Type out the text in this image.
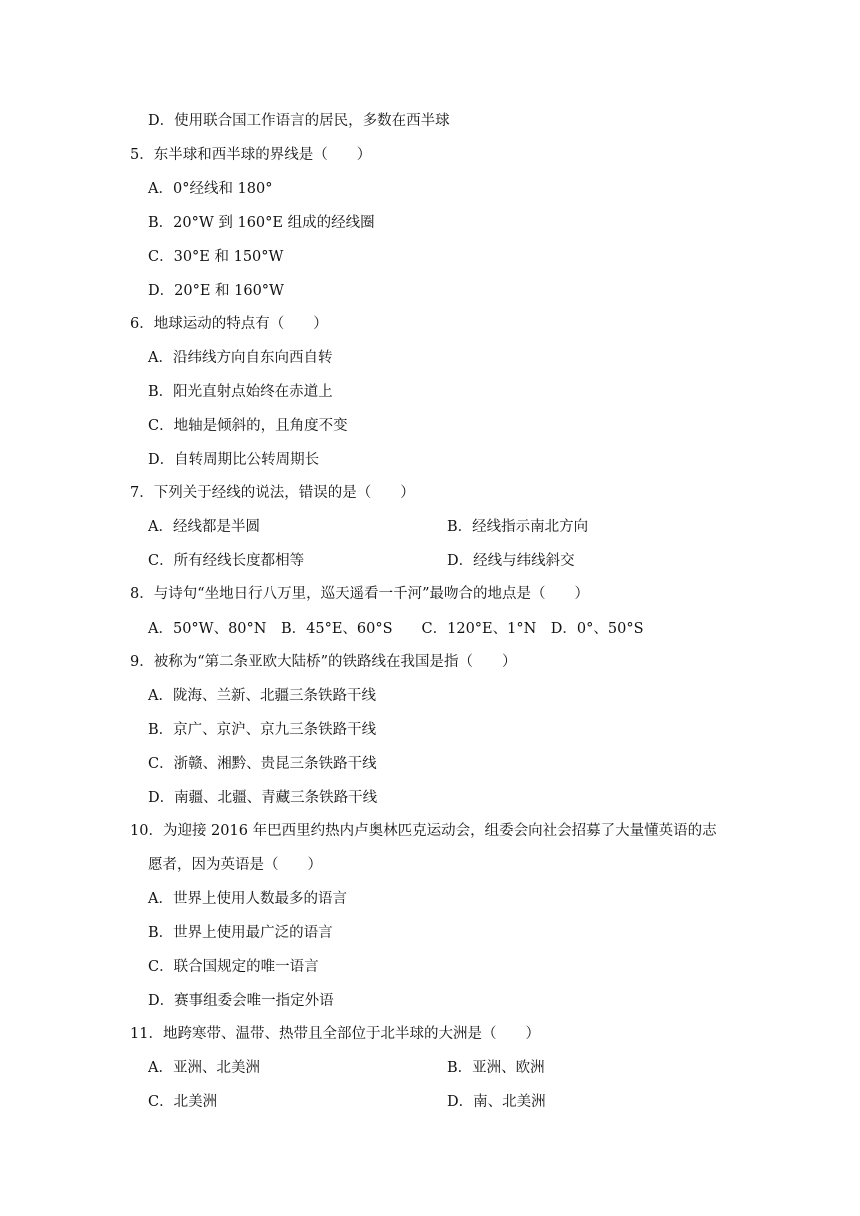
D．使用联合国工作语言的居民，多数在西半球
5．东半球和西半球的界线是（　　）
A．0°经线和 180°
B．20°W 到 160°E 组成的经线圈
C．30°E 和 150°W
D．20°E 和 160°W
6．地球运动的特点有（　　）
A．沿纬线方向自东向西自转
B．阳光直射点始终在赤道上
C．地轴是倾斜的，且角度不变
D．自转周期比公转周期长
7．下列关于经线的说法，错误的是（　　）
A．经线都是半圆	B．经线指示南北方向
C．所有经线长度都相等	D．经线与纬线斜交
8．与诗句“坐地日行八万里，巡天遥看一千河”最吻合的地点是（　　）
A．50°W、80°N　B．45°E、60°S　　C．120°E、1°N　D．0°、50°S
9．被称为“第二条亚欧大陆桥”的铁路线在我国是指（　　）
A．陇海、兰新、北疆三条铁路干线
B．京广、京沪、京九三条铁路干线
C．浙赣、湘黔、贵昆三条铁路干线
D．南疆、北疆、青藏三条铁路干线
10．为迎接 2016 年巴西里约热内卢奥林匹克运动会，组委会向社会招募了大量懂英语的志
愿者，因为英语是（　　）
A．世界上使用人数最多的语言
B．世界上使用最广泛的语言
C．联合国规定的唯一语言
D．赛事组委会唯一指定外语
11．地跨寒带、温带、热带且全部位于北半球的大洲是（　　）
A．亚洲、北美洲	B．亚洲、欧洲
C．北美洲	D．南、北美洲
